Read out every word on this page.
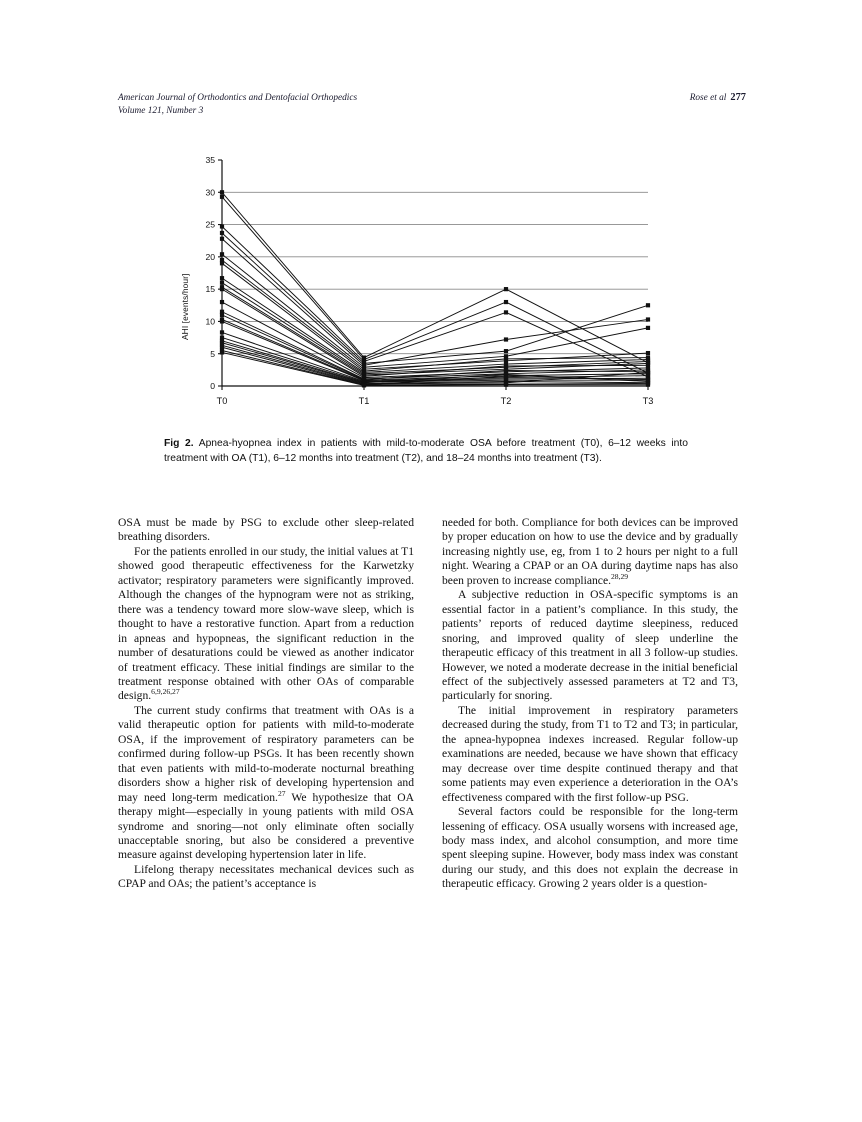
American Journal of Orthodontics and Dentofacial Orthopedics
Volume 121, Number 3
Rose et al 277
AHI [events/hour]
0
5
10
15
20
25
30
35
T0	T1	T2	T3
Fig 2. Apnea-hyopnea index in patients with mild-to-moderate OSA before treatment (T0), 6–12 weeks into treatment with OA (T1), 6–12 months into treatment (T2), and 18–24 months into treatment (T3).

OSA must be made by PSG to exclude other sleep-related breathing disorders.

For the patients enrolled in our study, the initial values at T1 showed good therapeutic effectiveness for the Karwetzky activator; respiratory parameters were significantly improved. Although the changes of the hypnogram were not as striking, there was a tendency toward more slow-wave sleep, which is thought to have a restorative function. Apart from a reduction in apneas and hypopneas, the significant reduction in the number of desaturations could be viewed as another indicator of treatment efficacy. These initial findings are similar to the treatment response obtained with other OAs of comparable design.$^{6,9,26,27}$

The current study confirms that treatment with OAs is a valid therapeutic option for patients with mild-to-moderate OSA, if the improvement of respiratory parameters can be confirmed during follow-up PSGs. It has been recently shown that even patients with mild-to-moderate nocturnal breathing disorders show a higher risk of developing hypertension and may need long-term medication.$^{27}$ We hypothesize that OA therapy might—especially in young patients with mild OSA syndrome and snoring—not only eliminate often socially unacceptable snoring, but also be considered a preventive measure against developing hypertension later in life.

Lifelong therapy necessitates mechanical devices such as CPAP and OAs; the patient’s acceptance is

needed for both. Compliance for both devices can be improved by proper education on how to use the device and by gradually increasing nightly use, eg, from 1 to 2 hours per night to a full night. Wearing a CPAP or an OA during daytime naps has also been proven to increase compliance.$^{28,29}$

A subjective reduction in OSA-specific symptoms is an essential factor in a patient’s compliance. In this study, the patients’ reports of reduced daytime sleepiness, reduced snoring, and improved quality of sleep underline the therapeutic efficacy of this treatment in all 3 follow-up studies. However, we noted a moderate decrease in the initial beneficial effect of the subjectively assessed parameters at T2 and T3, particularly for snoring.

The initial improvement in respiratory parameters decreased during the study, from T1 to T2 and T3; in particular, the apnea-hypopnea indexes increased. Regular follow-up examinations are needed, because we have shown that efficacy may decrease over time despite continued therapy and that some patients may even experience a deterioration in the OA’s effectiveness compared with the first follow-up PSG.

Several factors could be responsible for the long-term lessening of efficacy. OSA usually worsens with increased age, body mass index, and alcohol consumption, and more time spent sleeping supine. However, body mass index was constant during our study, and this does not explain the decrease in therapeutic efficacy. Growing 2 years older is a question-
